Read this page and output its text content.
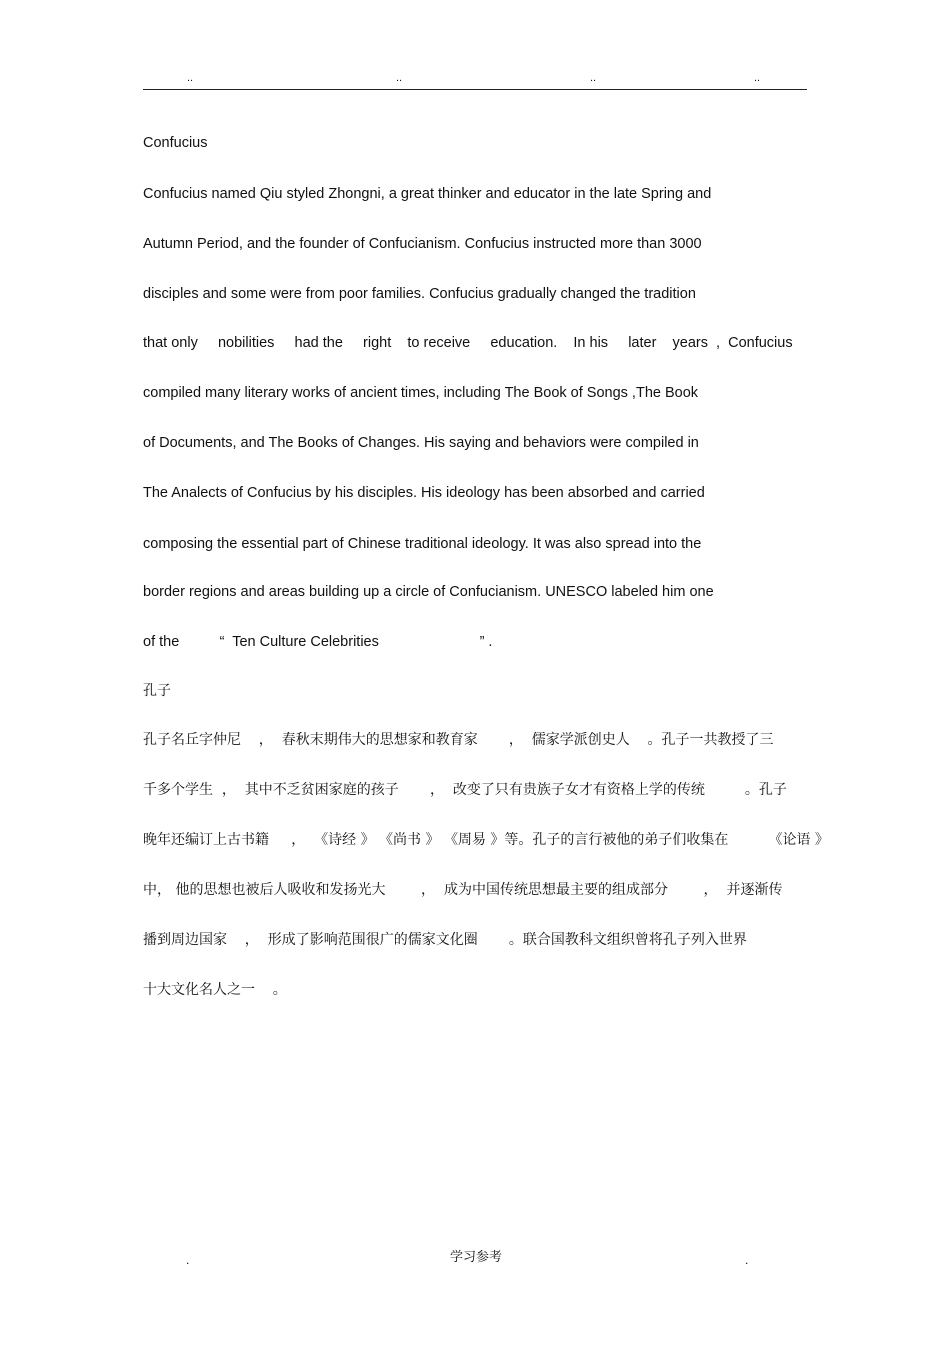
..	..	..	..
Confucius
Confucius named Qiu styled Zhongni, a great thinker and educator in the late Spring and
Autumn Period, and the founder of Confucianism. Confucius instructed more than 3000
disciples and some were from poor families. Confucius gradually changed the tradition
that only     nobilities     had the     right    to receive     education.    In his     later    years  ,  Confucius
compiled many literary works of ancient times, including The Book of Songs ,The Book
of Documents, and The Books of Changes. His saying and behaviors were compiled in
The Analects of Confucius by his disciples. His ideology has been absorbed and carried
composing the essential part of Chinese traditional ideology. It was also spread into the
border regions and areas building up a circle of Confucianism. UNESCO labeled him one
of the          “  Ten Culture Celebrities                         ” .
孔子
孔子名丘字仲尼    ，  春秋末期伟大的思想家和教育家       ，  儒家学派创史人    。孔子一共教授了三
千多个学生  ，  其中不乏贫困家庭的孩子       ，  改变了只有贵族子女才有资格上学的传统         。孔子
晚年还编订上古书籍     ，  《诗经 》 《尚书 》 《周易 》等。孔子的言行被他的弟子们收集在         《论语 》
中， 他的思想也被后人吸收和发扬光大        ，  成为中国传统思想最主要的组成部分        ，  并逐渐传
播到周边国家    ，  形成了影响范围很广的儒家文化圈       。联合国教科文组织曾将孔子列入世界
十大文化名人之一    。
.	学习参考	.
